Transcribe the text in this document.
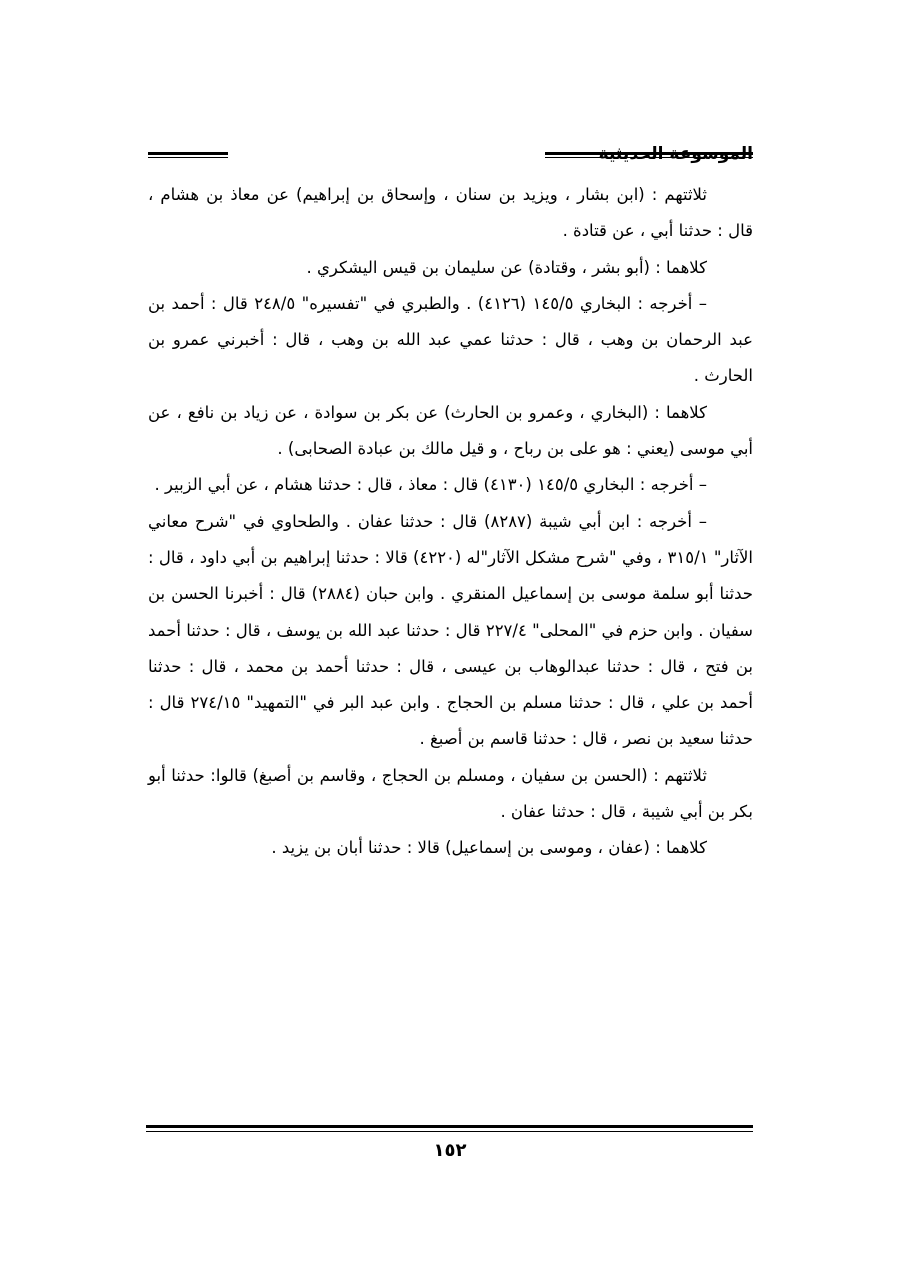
الموسوعة الحديثية

ثلاثتهم : (ابن بشار ، ويزيد بن سنان ، وإسحاق بن إبراهيم) عن معاذ بن هشام ، قال : حدثنا أبي ، عن قتادة .

كلاهما : (أبو بشر ، وقتادة) عن سليمان بن قيس اليشكري .

– أخرجه : البخاري ١٤٥/٥ (٤١٢٦) . والطبري في "تفسيره" ٢٤٨/٥ قال : أحمد بن عبد الرحمان بن وهب ، قال : حدثنا عمي عبد الله بن وهب ، قال : أخبرني عمرو بن الحارث .

كلاهما : (البخاري ، وعمرو بن الحارث) عن بكر بن سوادة ، عن زياد بن نافع ، عن أبي موسى (يعني : هو على بن رباح ، و قيل مالك بن عبادة الصحابى) .

– أخرجه : البخاري ١٤٥/٥ (٤١٣٠) قال : معاذ ، قال : حدثنا هشام ، عن أبي الزبير .

– أخرجه : ابن أبي شيبة (٨٢٨٧) قال : حدثنا عفان . والطحاوي في "شرح معاني الآثار" ٣١٥/١ ، وفي "شرح مشكل الآثار"له (٤٢٢٠) قالا : حدثنا إبراهيم بن أبي داود ، قال : حدثنا أبو سلمة موسى بن إسماعيل المنقري . وابن حبان (٢٨٨٤) قال : أخبرنا الحسن بن سفيان . وابن حزم في "المحلى" ٢٢٧/٤ قال : حدثنا عبد الله بن يوسف ، قال : حدثنا أحمد بن فتح ، قال : حدثنا عبدالوهاب بن عيسى ، قال : حدثنا أحمد بن محمد ، قال : حدثنا أحمد بن علي ، قال : حدثنا مسلم بن الحجاج . وابن عبد البر في "التمهيد" ٢٧٤/١٥ قال : حدثنا سعيد بن نصر ، قال : حدثنا قاسم بن أصبغ .

ثلاثتهم : (الحسن بن سفيان ، ومسلم بن الحجاج ، وقاسم بن أصبغ) قالوا: حدثنا أبو بكر بن أبي شيبة ، قال : حدثنا عفان .

كلاهما : (عفان ، وموسى بن إسماعيل) قالا : حدثنا أبان بن يزيد .

١٥٢
